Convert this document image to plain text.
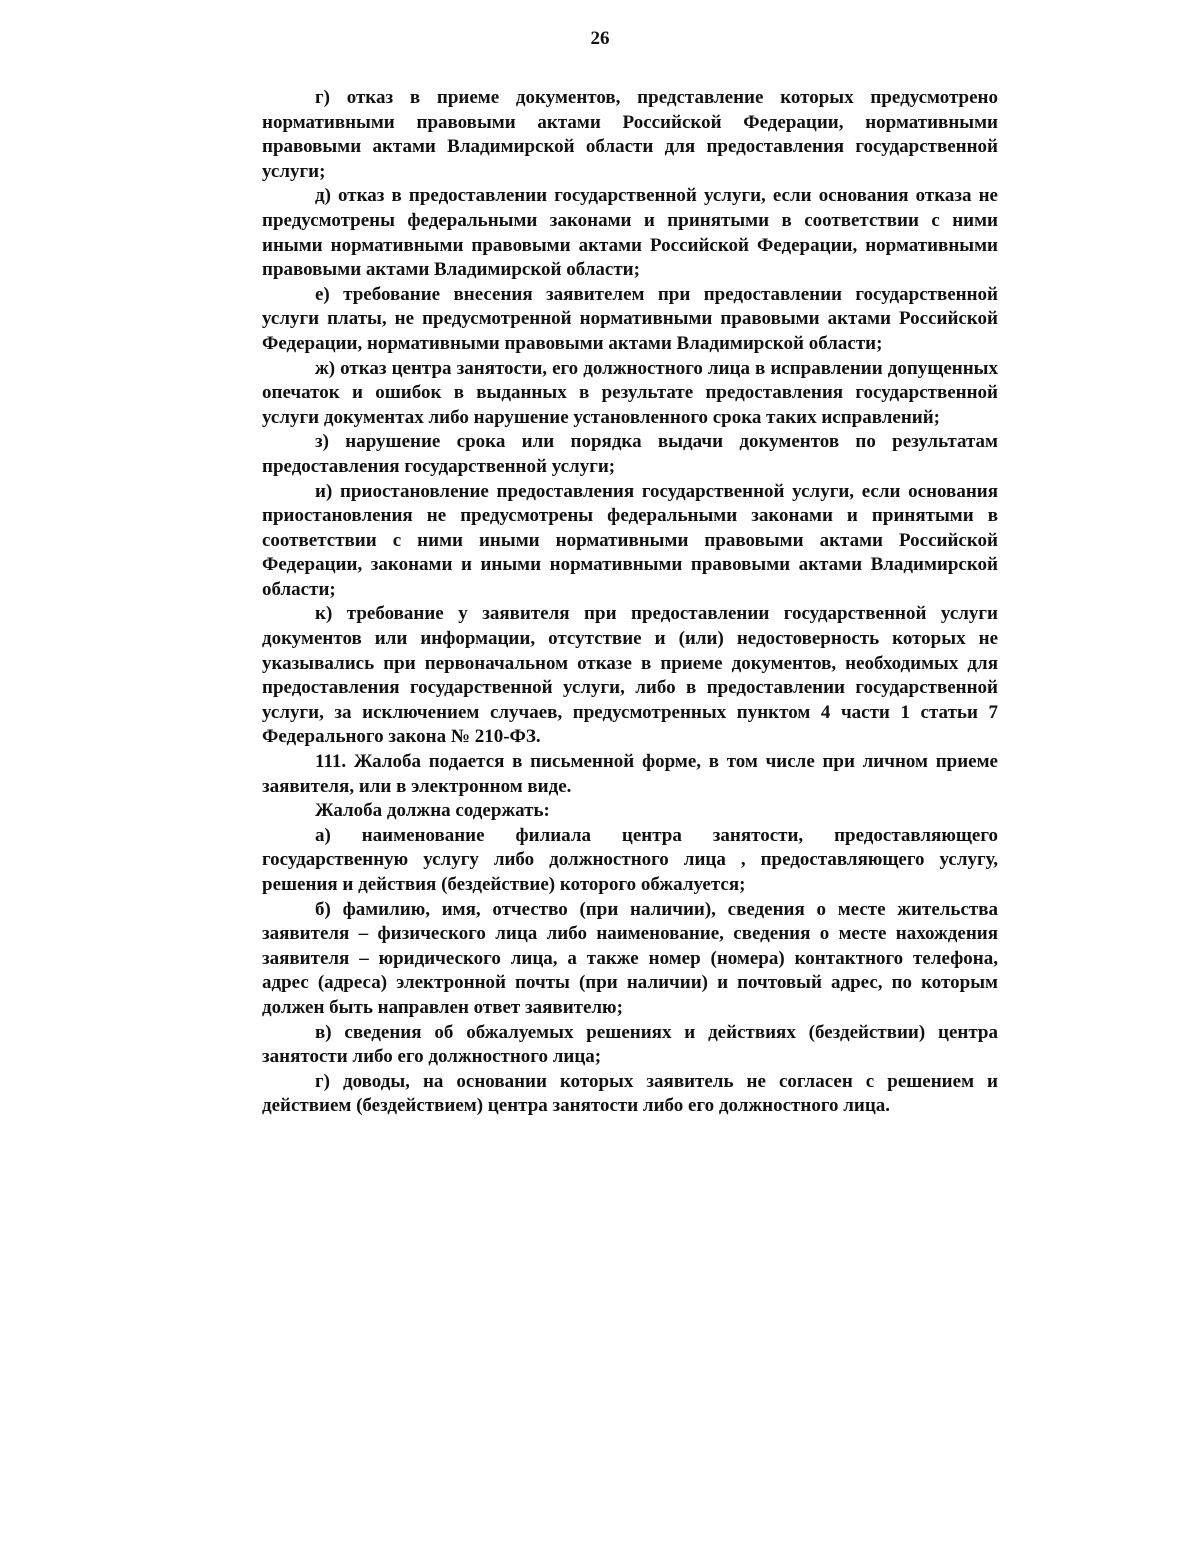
26

г) отказ в приеме документов, представление которых предусмотрено нормативными правовыми актами Российской Федерации, нормативными правовыми актами Владимирской области для предоставления государственной услуги;

д) отказ в предоставлении государственной услуги, если основания отказа не предусмотрены федеральными законами и принятыми в соответствии с ними иными нормативными правовыми актами Российской Федерации, нормативными правовыми актами Владимирской области;

е) требование внесения заявителем при предоставлении государственной услуги платы, не предусмотренной нормативными правовыми актами Российской Федерации, нормативными правовыми актами Владимирской области;

ж) отказ центра занятости, его должностного лица в исправлении допущенных опечаток и ошибок в выданных в результате предоставления государственной услуги документах либо нарушение установленного срока таких исправлений;

з) нарушение срока или порядка выдачи документов по результатам предоставления государственной услуги;

и) приостановление предоставления государственной услуги, если основания приостановления не предусмотрены федеральными законами и принятыми в соответствии с ними иными нормативными правовыми актами Российской Федерации, законами и иными нормативными правовыми актами Владимирской области;

к) требование у заявителя при предоставлении государственной услуги документов или информации, отсутствие и (или) недостоверность которых не указывались при первоначальном отказе в приеме документов, необходимых для предоставления государственной услуги, либо в предоставлении государственной услуги, за исключением случаев, предусмотренных пунктом 4 части 1 статьи 7 Федерального закона № 210-ФЗ.

111. Жалоба подается в письменной форме, в том числе при личном приеме заявителя, или в электронном виде.

Жалоба должна содержать:

а) наименование филиала центра занятости, предоставляющего государственную услугу либо должностного лица , предоставляющего услугу, решения и действия (бездействие) которого обжалуется;

б) фамилию, имя, отчество (при наличии), сведения о месте жительства заявителя – физического лица либо наименование, сведения о месте нахождения заявителя – юридического лица, а также номер (номера) контактного телефона, адрес (адреса) электронной почты (при наличии) и почтовый адрес, по которым должен быть направлен ответ заявителю;

в) сведения об обжалуемых решениях и действиях (бездействии) центра занятости либо его должностного лица;

г) доводы, на основании которых заявитель не согласен с решением и действием (бездействием) центра занятости либо его должностного лица.
